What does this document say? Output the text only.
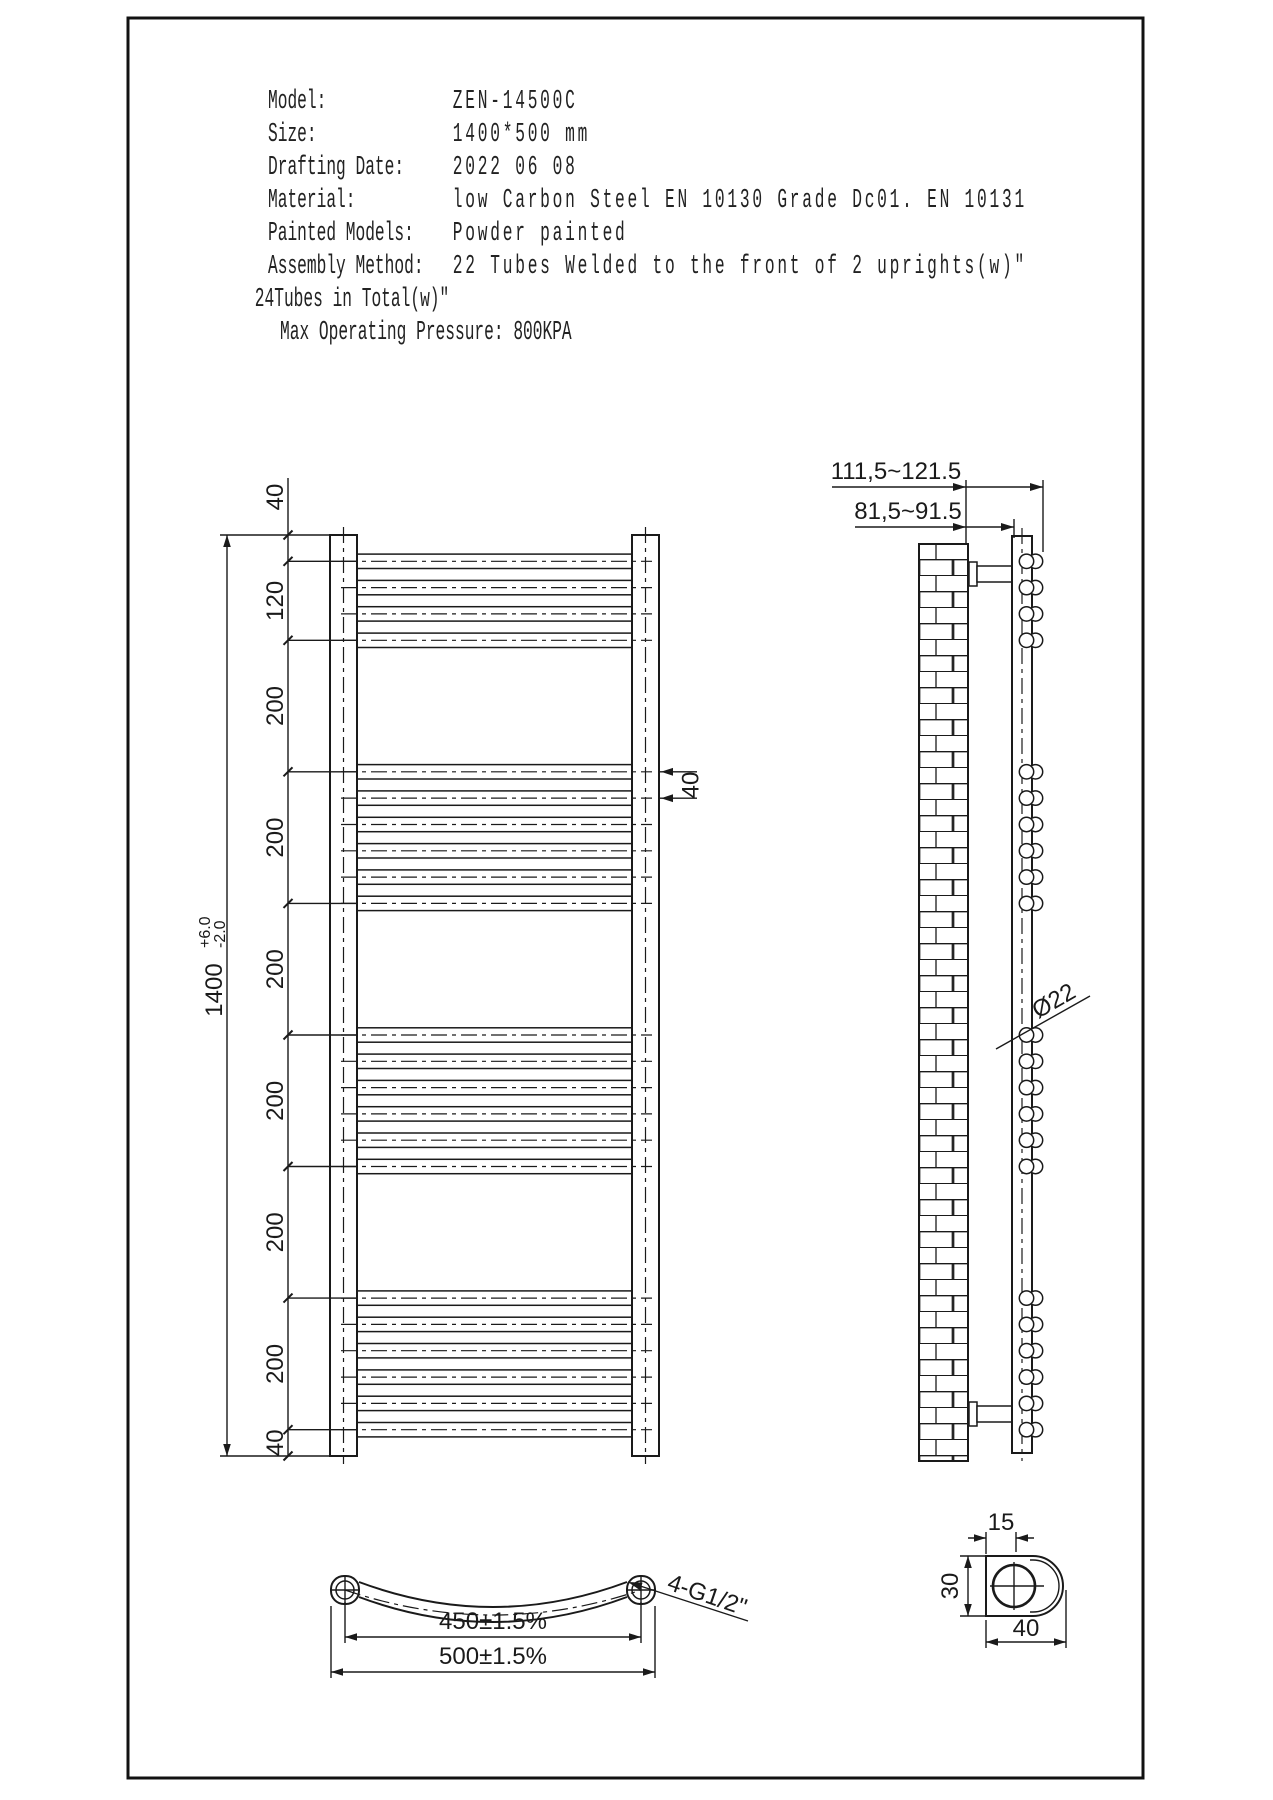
Model:	ZEN-14500C
Size:	1400*500 mm
Drafting Date: 2022 06 08
Material:	low Carbon Steel EN 10130 Grade Dc01. EN 10131
Painted Models: Powder painted
Assembly Method: 22 Tubes Welded to the front of 2 uprights(w)"
24Tubes in Total(w)"
Max Operating Pressure: 800KPA
40
120
200
200
200
200
200
200
40
1400
+6.0
-2.0
40
111,5~121.5
81,5~91.5
Ø22
450±1.5%
500±1.5%
4-G1/2"
15
30
40
